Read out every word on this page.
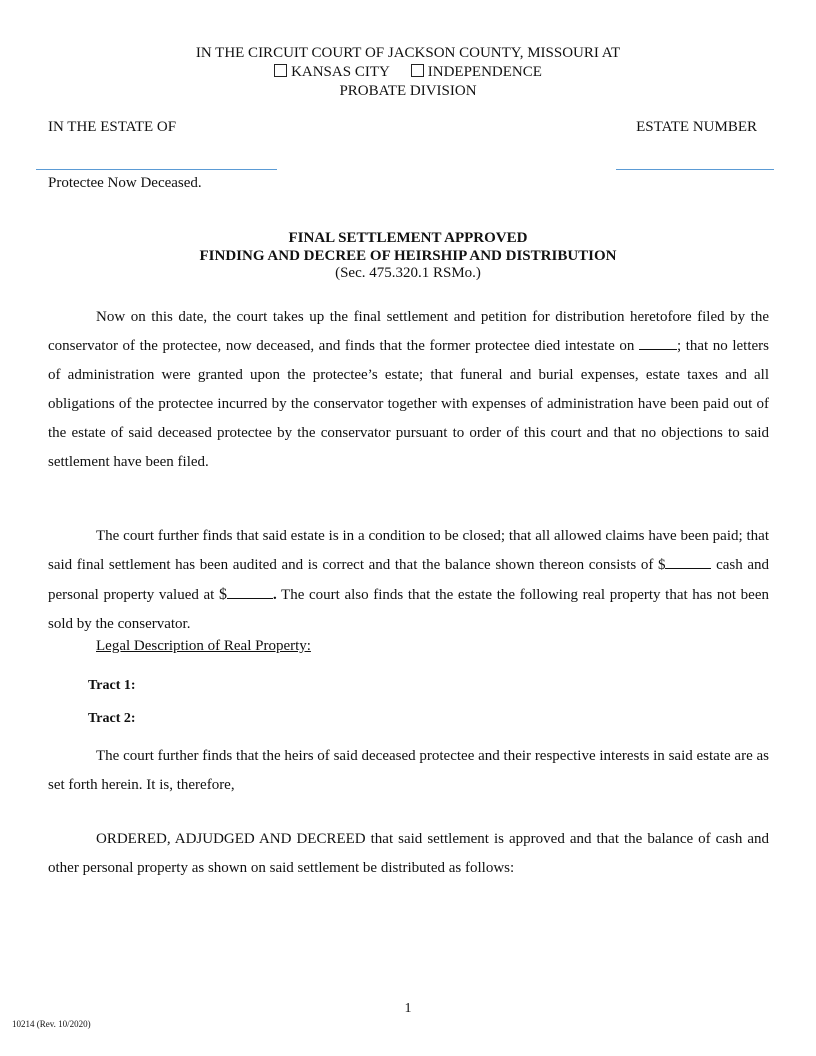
IN THE CIRCUIT COURT OF JACKSON COUNTY, MISSOURI AT
KANSAS CITY	INDEPENDENCE
PROBATE DIVISION
IN THE ESTATE OF	ESTATE NUMBER
Protectee Now Deceased.
FINAL SETTLEMENT APPROVED
FINDING AND DECREE OF HEIRSHIP AND DISTRIBUTION
(Sec. 475.320.1 RSMo.)

Now on this date, the court takes up the final settlement and petition for distribution heretofore filed by the conservator of the protectee, now deceased, and finds that the former protectee died intestate on	; that no letters of administration were granted upon the protectee’s estate; that funeral and burial expenses, estate taxes and all obligations of the protectee incurred by the conservator together with expenses of administration have been paid out of the estate of said deceased protectee by the conservator pursuant to order of this court and that no objections to said settlement have been filed.

The court further finds that said estate is in a condition to be closed; that all allowed claims have been paid; that said final settlement has been audited and is correct and that the balance shown thereon consists of $	cash and personal property valued at $	. The court also finds that the estate the following real property that has not been sold by the conservator.

Legal Description of Real Property:
Tract 1:
Tract 2:

The court further finds that the heirs of said deceased protectee and their respective interests in said estate are as set forth herein. It is, therefore,

ORDERED, ADJUDGED AND DECREED that said settlement is approved and that the balance of cash and other personal property as shown on said settlement be distributed as follows:

1
10214 (Rev. 10/2020)
